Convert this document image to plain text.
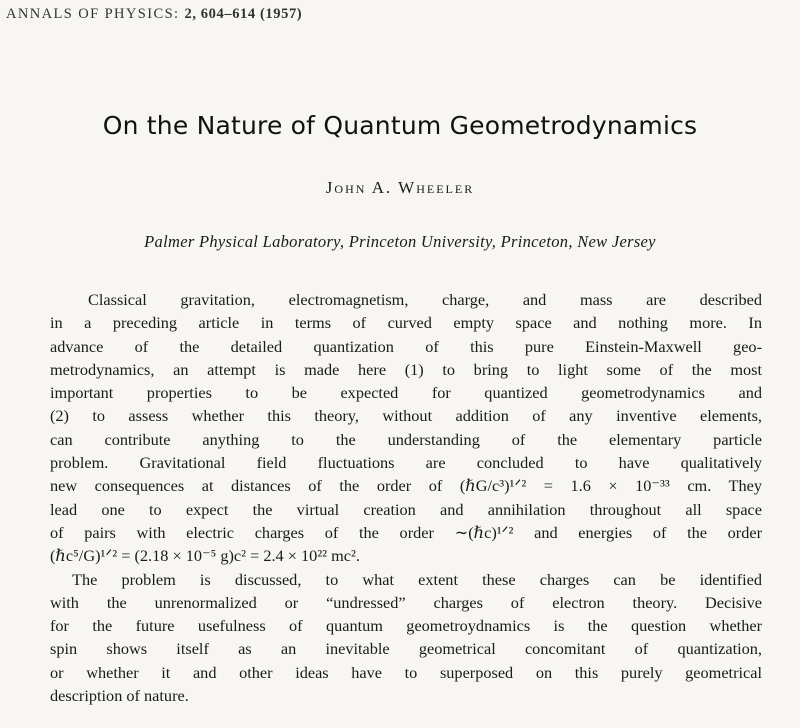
ANNALS OF PHYSICS: 2, 604–614 (1957)
On the Nature of Quantum Geometrodynamics
John A. Wheeler
Palmer Physical Laboratory, Princeton University, Princeton, New Jersey
Classical gravitation, electromagnetism, charge, and mass are described
in a preceding article in terms of curved empty space and nothing more. In
advance of the detailed quantization of this pure Einstein-Maxwell geo-
metrodynamics, an attempt is made here (1) to bring to light some of the most
important properties to be expected for quantized geometrodynamics and
(2) to assess whether this theory, without addition of any inventive elements,
can contribute anything to the understanding of the elementary particle
problem. Gravitational field fluctuations are concluded to have qualitatively
new consequences at distances of the order of (ℏG/c³)¹ᐟ² = 1.6 × 10⁻³³ cm. They
lead one to expect the virtual creation and annihilation throughout all space
of pairs with electric charges of the order ∼(ℏc)¹ᐟ² and energies of the order
(ℏc⁵/G)¹ᐟ² = (2.18 × 10⁻⁵ g)c² = 2.4 × 10²² mc².
The problem is discussed, to what extent these charges can be identified
with the unrenormalized or “undressed” charges of electron theory. Decisive
for the future usefulness of quantum geometroydnamics is the question whether
spin shows itself as an inevitable geometrical concomitant of quantization,
or whether it and other ideas have to superposed on this purely geometrical
description of nature.
